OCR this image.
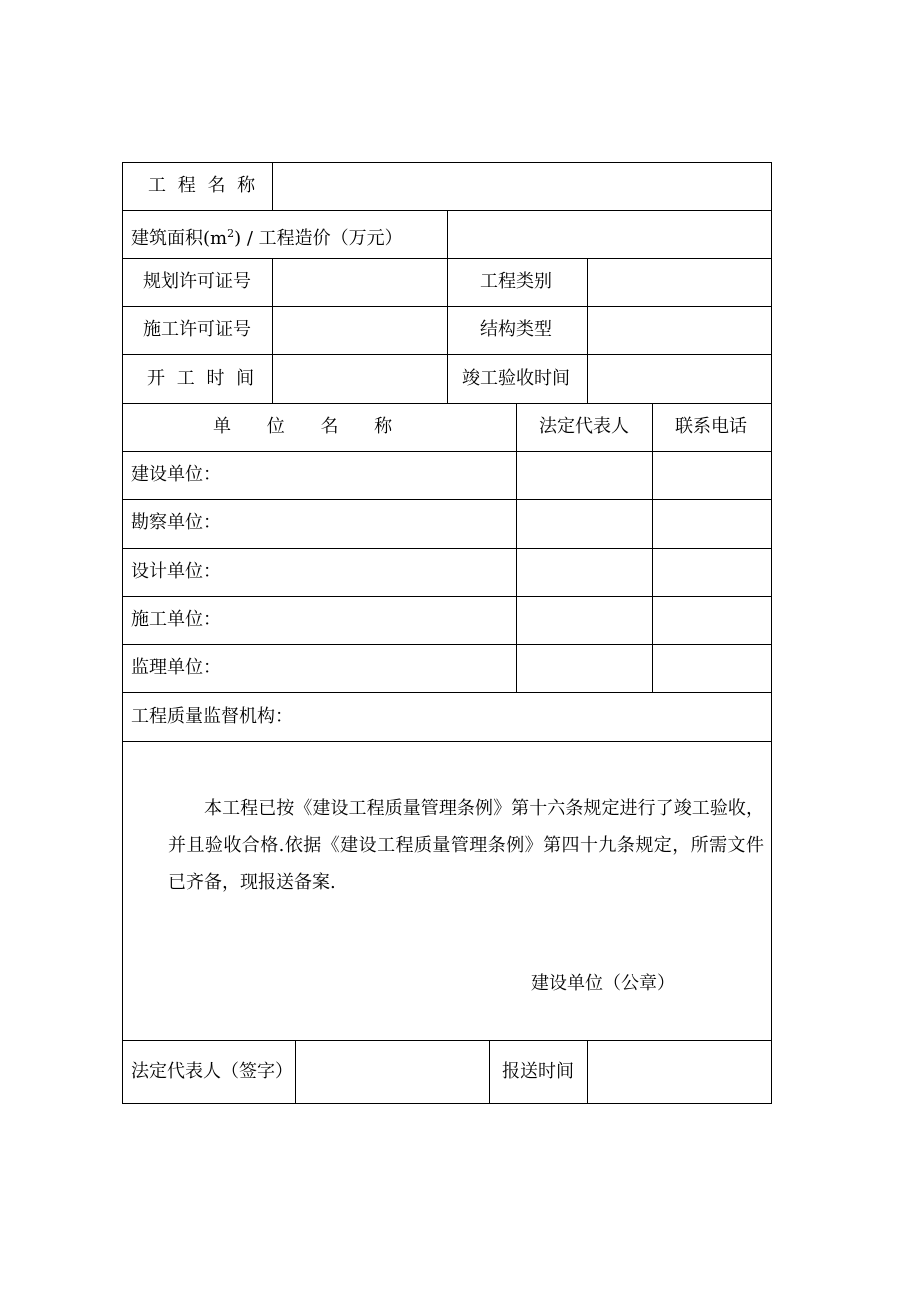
工 程 名 称
建筑面积$(m^2)$ / 工程造价（万元）
规划许可证号	工程类别
施工许可证号	结构类型
开 工 时 间	竣工验收时间
单 位 名 称	法定代表人	联系电话
建设单位：
勘察单位：
设计单位：
施工单位：
监理单位：
工程质量监督机构：
本工程已按《建设工程质量管理条例》第十六条规定进行了竣工验收，并且验收合格.依据《建设工程质量管理条例》第四十九条规定，所需文件已齐备，现报送备案.
建设单位（公章）
法定代表人（签字）	报送时间
